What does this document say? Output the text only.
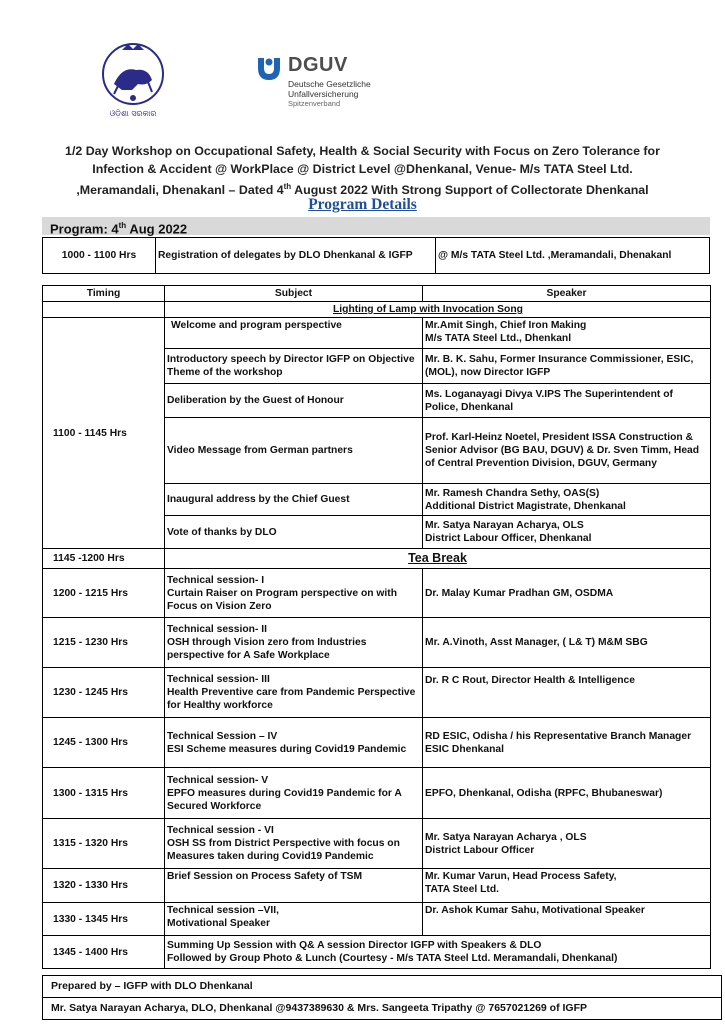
ଓଡ଼ିଶା ସରକାର
DGUV
Deutsche Gesetzliche
Unfallversicherung
Spitzenverband
1/2 Day Workshop on Occupational Safety, Health & Social Security with Focus on Zero Tolerance for
Infection & Accident @ WorkPlace @ District Level @Dhenkanal, Venue- M/s TATA Steel Ltd.
,Meramandali, Dhenakanl – Dated 4th August 2022 With Strong Support of Collectorate Dhenkanal
Program Details
Program: 4th Aug 2022
1000 - 1100 Hrs	Registration of delegates by DLO Dhenkanal & IGFP	@ M/s TATA Steel Ltd. ,Meramandali, Dhenakanl
Timing	Subject	Speaker
	Lighting of Lamp with Invocation Song	
1100 - 1145 Hrs	Welcome and program perspective	Mr.Amit Singh, Chief Iron Making
M/s TATA Steel Ltd., Dhenkanl
	Introductory speech by Director IGFP on Objective Theme of the workshop	Mr. B. K. Sahu, Former Insurance Commissioner, ESIC,(MOL), now Director IGFP
	Deliberation by the Guest of Honour	Ms. Loganayagi Divya V.IPS The Superintendent of Police, Dhenkanal
	Video Message from German partners	Prof. Karl-Heinz Noetel, President ISSA Construction & Senior Advisor (BG BAU, DGUV) & Dr. Sven Timm, Head of Central Prevention Division, DGUV, Germany
	Inaugural address by the Chief Guest	Mr. Ramesh Chandra Sethy, OAS(S)
Additional District Magistrate, Dhenkanal
	Vote of thanks by DLO	Mr. Satya Narayan Acharya, OLS
District Labour Officer, Dhenkanal
1145 -1200 Hrs	Tea Break	
1200 - 1215 Hrs	Technical session- I
Curtain Raiser on Program perspective on with Focus on Vision Zero	Dr. Malay Kumar Pradhan GM, OSDMA
1215 - 1230 Hrs	Technical session- II
OSH through Vision zero from Industries perspective for A Safe Workplace	Mr. A.Vinoth, Asst Manager, ( L& T) M&M SBG
1230 - 1245 Hrs	Technical session- III
Health Preventive care from Pandemic Perspective for Healthy workforce	Dr. R C Rout, Director Health & Intelligence
1245 - 1300 Hrs	Technical Session – IV
ESI Scheme measures during Covid19 Pandemic	RD ESIC, Odisha / his Representative Branch Manager ESIC Dhenkanal
1300 - 1315 Hrs	Technical session- V
EPFO measures during Covid19 Pandemic for A Secured Workforce	EPFO, Dhenkanal, Odisha (RPFC, Bhubaneswar)
1315 - 1320 Hrs	Technical session - VI
OSH SS from District Perspective with focus on Measures taken during Covid19 Pandemic	Mr. Satya Narayan Acharya , OLS
District Labour Officer
1320 - 1330 Hrs	Brief Session on Process Safety of TSM	Mr. Kumar Varun, Head Process Safety,
TATA Steel Ltd.
1330 - 1345 Hrs	Technical session –VII,
Motivational Speaker	Dr. Ashok Kumar Sahu, Motivational Speaker
1345 - 1400 Hrs	Summing Up Session with Q& A session Director IGFP with Speakers & DLO
Followed by Group Photo & Lunch (Courtesy - M/s TATA Steel Ltd. Meramandali, Dhenkanal)	
Prepared by – IGFP with DLO Dhenkanal
Mr. Satya Narayan Acharya, DLO, Dhenkanal @9437389630 & Mrs. Sangeeta Tripathy @ 7657021269 of IGFP
